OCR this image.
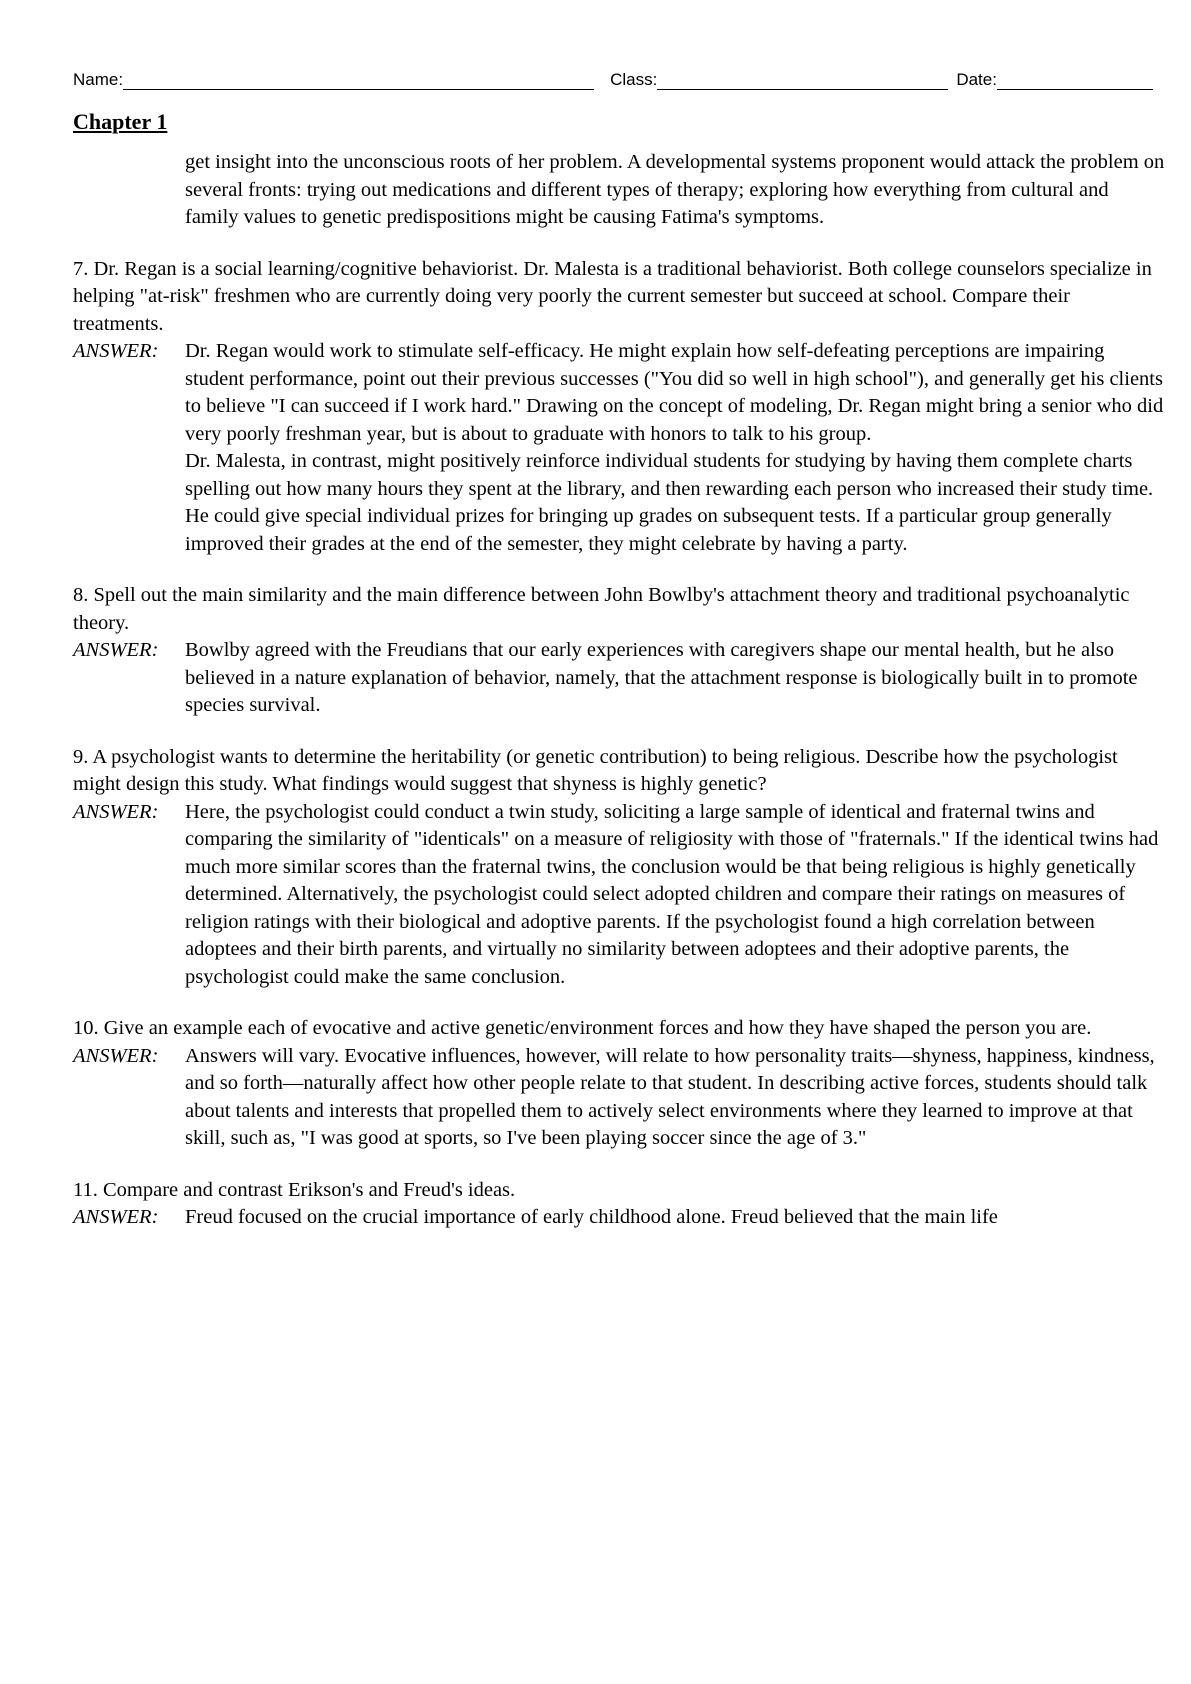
Name:	Class:	Date:
Chapter 1
get insight into the unconscious roots of her problem. A developmental systems proponent would attack the problem on several fronts: trying out medications and different types of therapy; exploring how everything from cultural and family values to genetic predispositions might be causing Fatima's symptoms.
7. Dr. Regan is a social learning/cognitive behaviorist. Dr. Malesta is a traditional behaviorist. Both college counselors specialize in helping "at-risk" freshmen who are currently doing very poorly the current semester but succeed at school. Compare their treatments.
ANSWER: Dr. Regan would work to stimulate self-efficacy. He might explain how self-defeating perceptions are impairing student performance, point out their previous successes ("You did so well in high school"), and generally get his clients to believe "I can succeed if I work hard." Drawing on the concept of modeling, Dr. Regan might bring a senior who did very poorly freshman year, but is about to graduate with honors to talk to his group.
Dr. Malesta, in contrast, might positively reinforce individual students for studying by having them complete charts spelling out how many hours they spent at the library, and then rewarding each person who increased their study time. He could give special individual prizes for bringing up grades on subsequent tests. If a particular group generally improved their grades at the end of the semester, they might celebrate by having a party.
8. Spell out the main similarity and the main difference between John Bowlby's attachment theory and traditional psychoanalytic theory.
ANSWER: Bowlby agreed with the Freudians that our early experiences with caregivers shape our mental health, but he also believed in a nature explanation of behavior, namely, that the attachment response is biologically built in to promote species survival.
9. A psychologist wants to determine the heritability (or genetic contribution) to being religious. Describe how the psychologist might design this study. What findings would suggest that shyness is highly genetic?
ANSWER: Here, the psychologist could conduct a twin study, soliciting a large sample of identical and fraternal twins and comparing the similarity of "identicals" on a measure of religiosity with those of "fraternals." If the identical twins had much more similar scores than the fraternal twins, the conclusion would be that being religious is highly genetically determined. Alternatively, the psychologist could select adopted children and compare their ratings on measures of religion ratings with their biological and adoptive parents. If the psychologist found a high correlation between adoptees and their birth parents, and virtually no similarity between adoptees and their adoptive parents, the psychologist could make the same conclusion.
10. Give an example each of evocative and active genetic/environment forces and how they have shaped the person you are.
ANSWER: Answers will vary. Evocative influences, however, will relate to how personality traits—shyness, happiness, kindness, and so forth—naturally affect how other people relate to that student. In describing active forces, students should talk about talents and interests that propelled them to actively select environments where they learned to improve at that skill, such as, "I was good at sports, so I've been playing soccer since the age of 3."
11. Compare and contrast Erikson's and Freud's ideas.
ANSWER: Freud focused on the crucial importance of early childhood alone. Freud believed that the main life
